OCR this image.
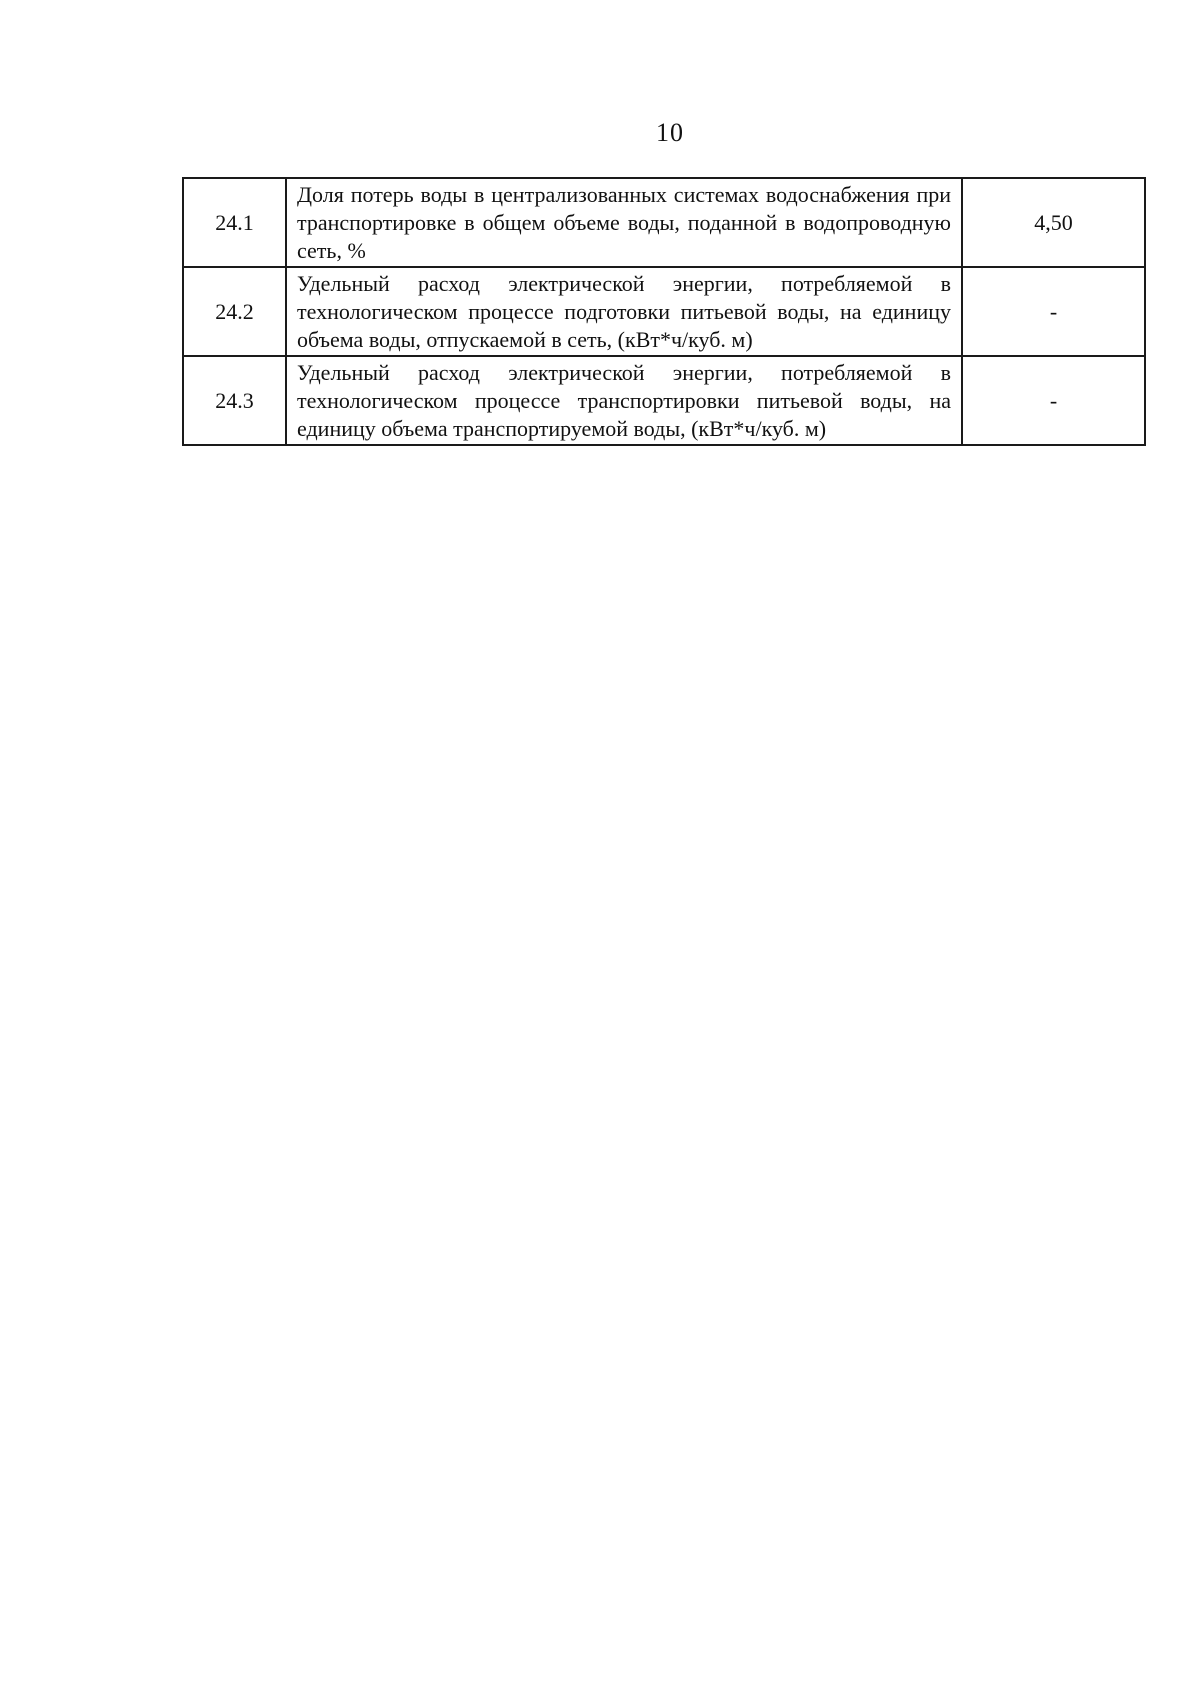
10
24.1	Доля потерь воды в централизованных системах водоснабжения при транспортировке в общем объеме воды, поданной в водопроводную сеть, %	4,50
24.2	Удельный расход электрической энергии, потребляемой в технологическом процессе подготовки питьевой воды, на единицу объема воды, отпускаемой в сеть, (кВт*ч/куб. м)	-
24.3	Удельный расход электрической энергии, потребляемой в технологическом процессе транспортировки питьевой воды, на единицу объема транспортируемой воды, (кВт*ч/куб. м)	-
